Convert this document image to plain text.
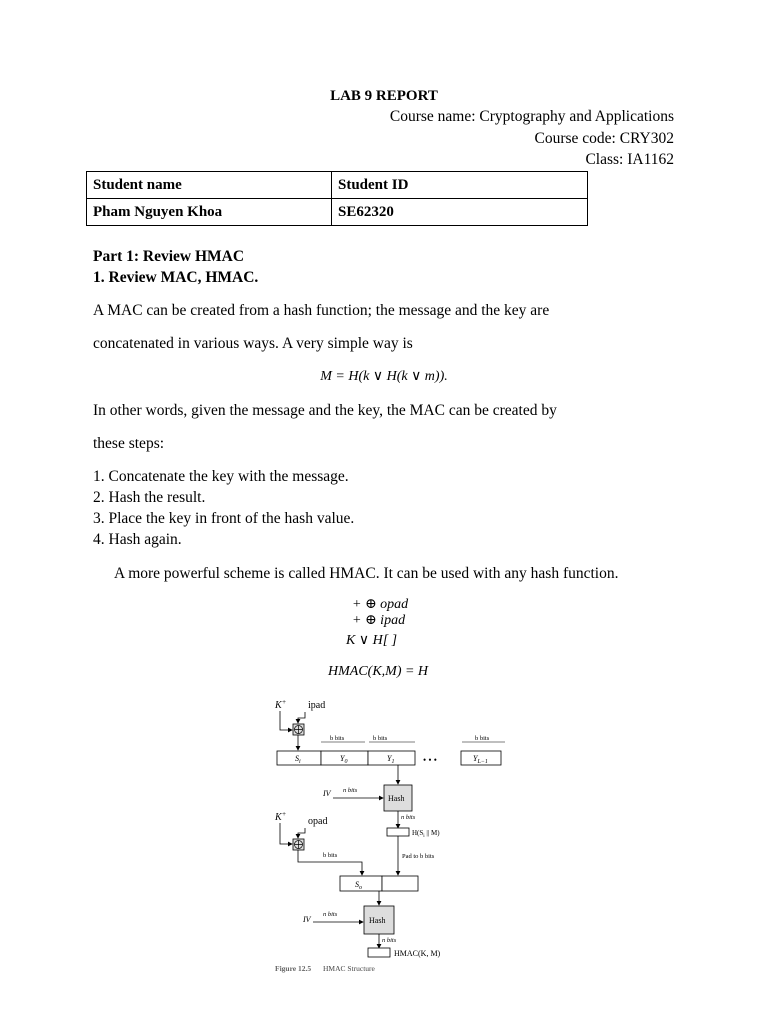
LAB 9 REPORT
Course name: Cryptography and Applications
Course code: CRY302
Class: IA1162
Student name	Student ID
Pham Nguyen Khoa	SE62320
Part 1: Review HMAC
1. Review MAC, HMAC.
A MAC can be created from a hash function; the message and the key are
concatenated in various ways. A very simple way is
M = H(k ∨ H(k ∨ m)).
In other words, given the message and the key, the MAC can be created by
these steps:
1. Concatenate the key with the message.
2. Hash the result.
3. Place the key in front of the hash value.
4. Hash again.
A more powerful scheme is called HMAC. It can be used with any hash function.
+ ⊕ opad
+ ⊕ ipad
K ∨ H[ ]
HMAC(K,M) = H
K+ ipad
b bits	b bits	b bits
$S_i$	$Y_0$	$Y_1$	• • •	$Y_{L-1}$
IV n bits
Hash
n bits
$H(S_i$ || M)
K+
opad
b bits	Pad to b bits
$S_o$
IV
n bits
Hash
n bits
HMAC(K, M)
Figure 12.5 HMAC Structure
